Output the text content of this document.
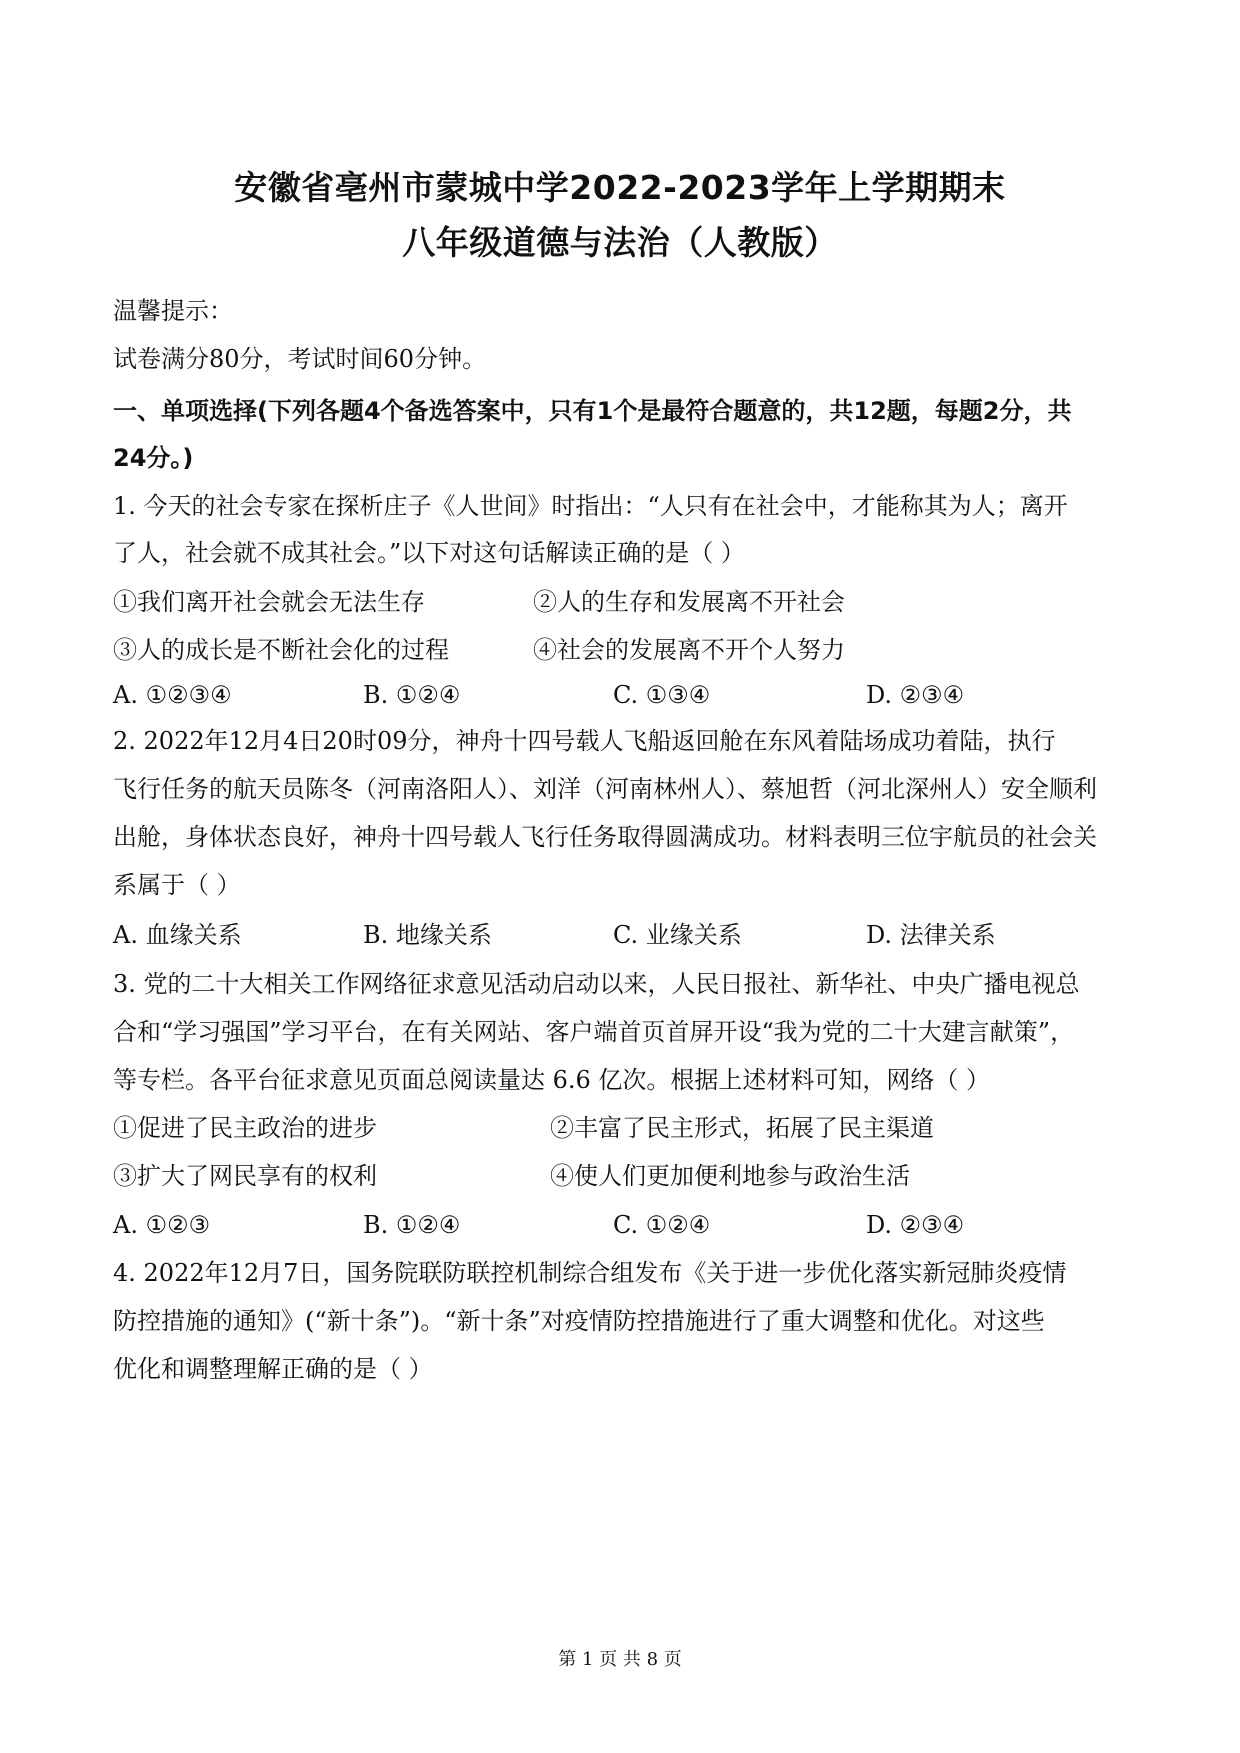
安徽省亳州市蒙城中学2022-2023学年上学期期末
八年级道德与法治（人教版）
温馨提示：
试卷满分80分，考试时间60分钟。
一、单项选择(下列各题4个备选答案中，只有1个是最符合题意的，共12题，每题2分，共
24分。)
1. 今天的社会专家在探析庄子《人世间》时指出：“人只有在社会中，才能称其为人；离开
了人，社会就不成其社会。”以下对这句话解读正确的是（ ）
①我们离开社会就会无法生存	②人的生存和发展离不开社会
③人的成长是不断社会化的过程	④社会的发展离不开个人努力
A. ①②③④	B. ①②④	C. ①③④	D. ②③④
2. 2022年12月4日20时09分，神舟十四号载人飞船返回舱在东风着陆场成功着陆，执行
飞行任务的航天员陈冬（河南洛阳人）、刘洋（河南林州人）、蔡旭哲（河北深州人）安全顺利
出舱，身体状态良好，神舟十四号载人飞行任务取得圆满成功。材料表明三位宇航员的社会关
系属于（ ）
A. 血缘关系	B. 地缘关系	C. 业缘关系	D. 法律关系
3. 党的二十大相关工作网络征求意见活动启动以来，人民日报社、新华社、中央广播电视总
合和“学习强国”学习平台，在有关网站、客户端首页首屏开设“我为党的二十大建言献策”，
等专栏。各平台征求意见页面总阅读量达 6.6 亿次。根据上述材料可知，网络（ ）
①促进了民主政治的进步	②丰富了民主形式，拓展了民主渠道
③扩大了网民享有的权利	④使人们更加便利地参与政治生活
A. ①②③	B. ①②④	C. ①②④	D. ②③④
4. 2022年12月7日，国务院联防联控机制综合组发布《关于进一步优化落实新冠肺炎疫情
防控措施的通知》(“新十条”)。“新十条”对疫情防控措施进行了重大调整和优化。对这些
优化和调整理解正确的是（ ）
第 1 页 共 8 页
